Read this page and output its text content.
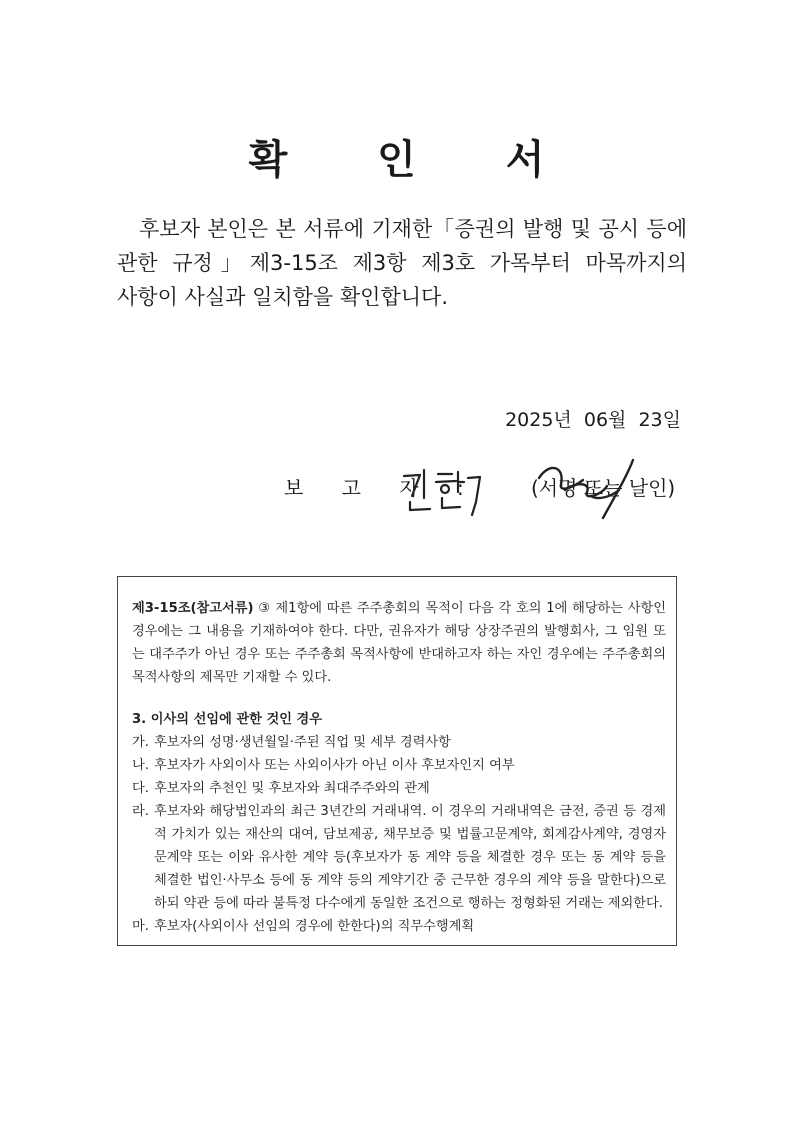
확 인 서

후보자 본인은 본 서류에 기재한「증권의 발행 및 공시 등에 관한 규정」제3-15조 제3항 제3호 가목부터 마목까지의 사항이 사실과 일치함을 확인합니다.

2025년  06월  23일
보 고 자 :	(서명 또는 날인)

제3-15조(참고서류) ③ 제1항에 따른 주주총회의 목적이 다음 각 호의 1에 해당하는 사항인 경우에는 그 내용을 기재하여야 한다. 다만, 권유자가 해당 상장주권의 발행회사, 그 임원 또는 대주주가 아닌 경우 또는 주주총회 목적사항에 반대하고자 하는 자인 경우에는 주주총회의 목적사항의 제목만 기재할 수 있다.

3. 이사의 선임에 관한 것인 경우

가. 후보자의 성명·생년월일·주된 직업 및 세부 경력사항
나. 후보자가 사외이사 또는 사외이사가 아닌 이사 후보자인지 여부
다. 후보자의 추천인 및 후보자와 최대주주와의 관계
라. 후보자와 해당법인과의 최근 3년간의 거래내역. 이 경우의 거래내역은 금전, 증권 등 경제적 가치가 있는 재산의 대여, 담보제공, 채무보증 및 법률고문계약, 회계감사계약, 경영자문계약 또는 이와 유사한 계약 등(후보자가 동 계약 등을 체결한 경우 또는 동 계약 등을 체결한 법인·사무소 등에 동 계약 등의 계약기간 중 근무한 경우의 계약 등을 말한다)으로 하되 약관 등에 따라 불특정 다수에게 동일한 조건으로 행하는 정형화된 거래는 제외한다.
마. 후보자(사외이사 선임의 경우에 한한다)의 직무수행계획
